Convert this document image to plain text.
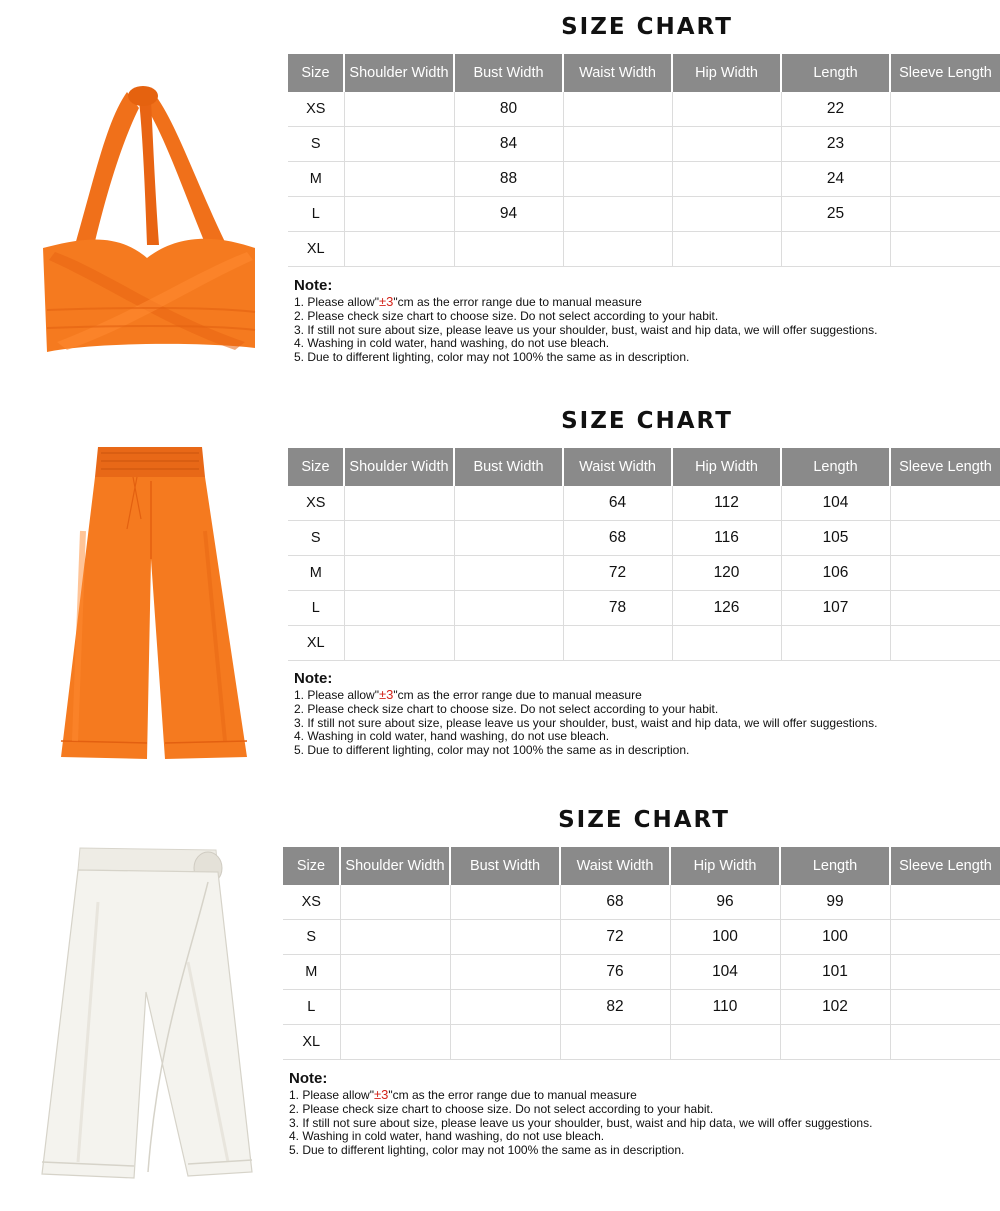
SIZE CHART
Size	Shoulder Width	Bust Width	Waist Width	Hip Width	Length	Sleeve Length
XS		80			22	
S		84			23	
M		88			24	
L		94			25	
XL						
Note:
1. Please allow"±3"cm as the error range due to manual measure
2. Please check size chart to choose size. Do not select according to your habit.
3. If still not sure about size, please leave us your shoulder, bust, waist and hip data, we will offer suggestions.
4. Washing in cold water, hand washing, do not use bleach.
5. Due to different lighting, color may not 100% the same as in description.
SIZE CHART
Size	Shoulder Width	Bust Width	Waist Width	Hip Width	Length	Sleeve Length
XS			64	112	104	
S			68	116	105	
M			72	120	106	
L			78	126	107	
XL						
Note:
1. Please allow"±3"cm as the error range due to manual measure
2. Please check size chart to choose size. Do not select according to your habit.
3. If still not sure about size, please leave us your shoulder, bust, waist and hip data, we will offer suggestions.
4. Washing in cold water, hand washing, do not use bleach.
5. Due to different lighting, color may not 100% the same as in description.
SIZE CHART
Size	Shoulder Width	Bust Width	Waist Width	Hip Width	Length	Sleeve Length
XS			68	96	99	
S			72	100	100	
M			76	104	101	
L			82	110	102	
XL						
Note:
1. Please allow"±3"cm as the error range due to manual measure
2. Please check size chart to choose size. Do not select according to your habit.
3. If still not sure about size, please leave us your shoulder, bust, waist and hip data, we will offer suggestions.
4. Washing in cold water, hand washing, do not use bleach.
5. Due to different lighting, color may not 100% the same as in description.
